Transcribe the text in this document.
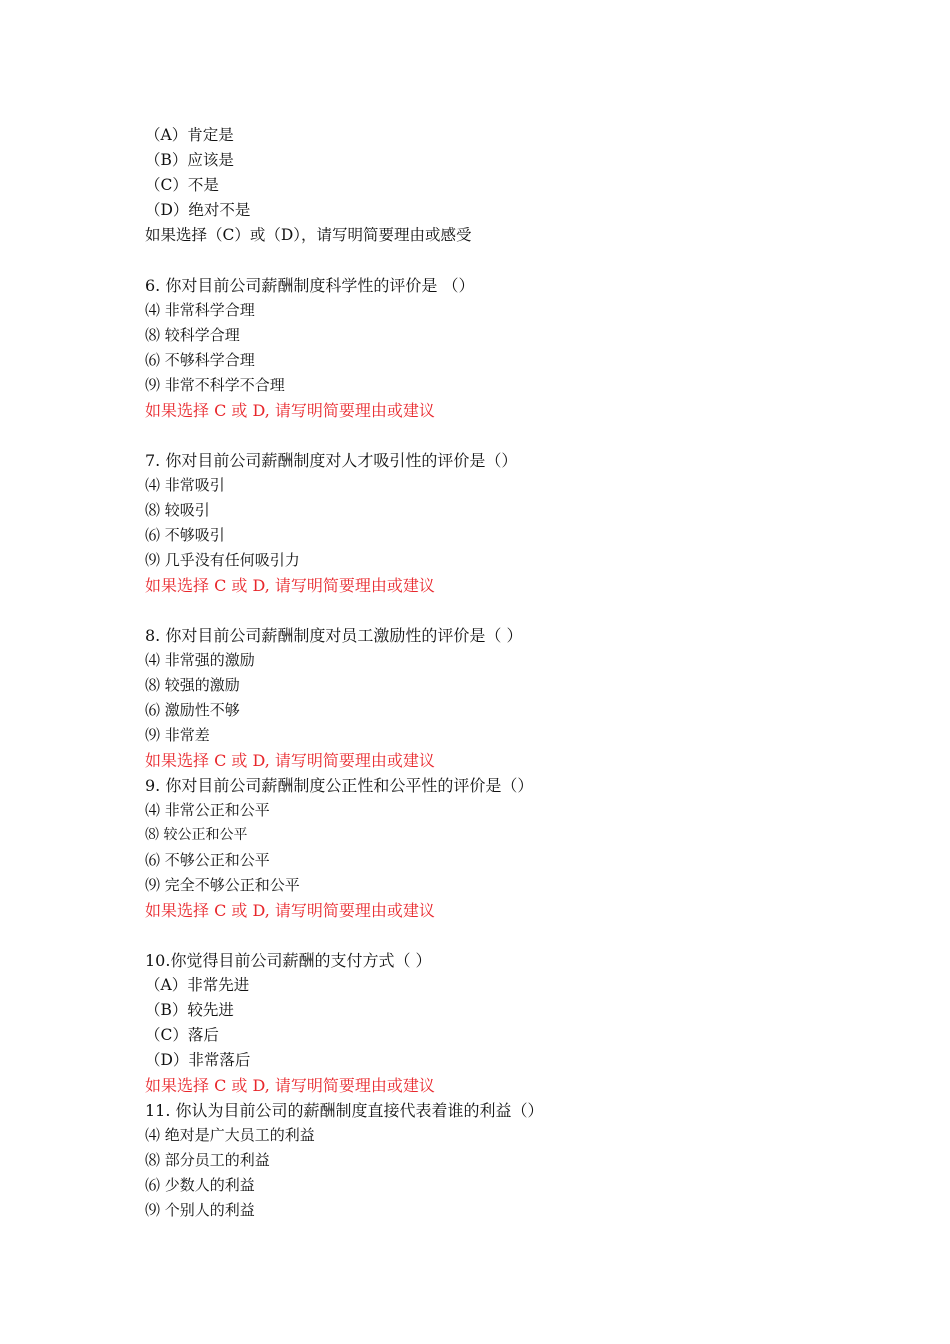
（A）肯定是
（B）应该是
（C）不是
（D）绝对不是
如果选择（C）或（D），请写明简要理由或感受
6. 你对目前公司薪酬制度科学性的评价是 （）
⑷ 非常科学合理
⑻ 较科学合理
⑹ 不够科学合理
⑼ 非常不科学不合理
如果选择 C 或 D, 请写明简要理由或建议
7. 你对目前公司薪酬制度对人才吸引性的评价是（）
⑷ 非常吸引
⑻ 较吸引
⑹ 不够吸引
⑼ 几乎没有任何吸引力
如果选择 C 或 D, 请写明简要理由或建议
8. 你对目前公司薪酬制度对员工激励性的评价是（ ）
⑷ 非常强的激励
⑻ 较强的激励
⑹ 激励性不够
⑼ 非常差
如果选择 C 或 D, 请写明简要理由或建议
9. 你对目前公司薪酬制度公正性和公平性的评价是（）
⑷ 非常公正和公平
⑻ 较公正和公平
⑹ 不够公正和公平
⑼ 完全不够公正和公平
如果选择 C 或 D, 请写明简要理由或建议
10.你觉得目前公司薪酬的支付方式（ ）
（A）非常先进
（B）较先进
（C）落后
（D）非常落后
如果选择 C 或 D, 请写明简要理由或建议
11. 你认为目前公司的薪酬制度直接代表着谁的利益（）
⑷ 绝对是广大员工的利益
⑻ 部分员工的利益
⑹ 少数人的利益
⑼ 个别人的利益
